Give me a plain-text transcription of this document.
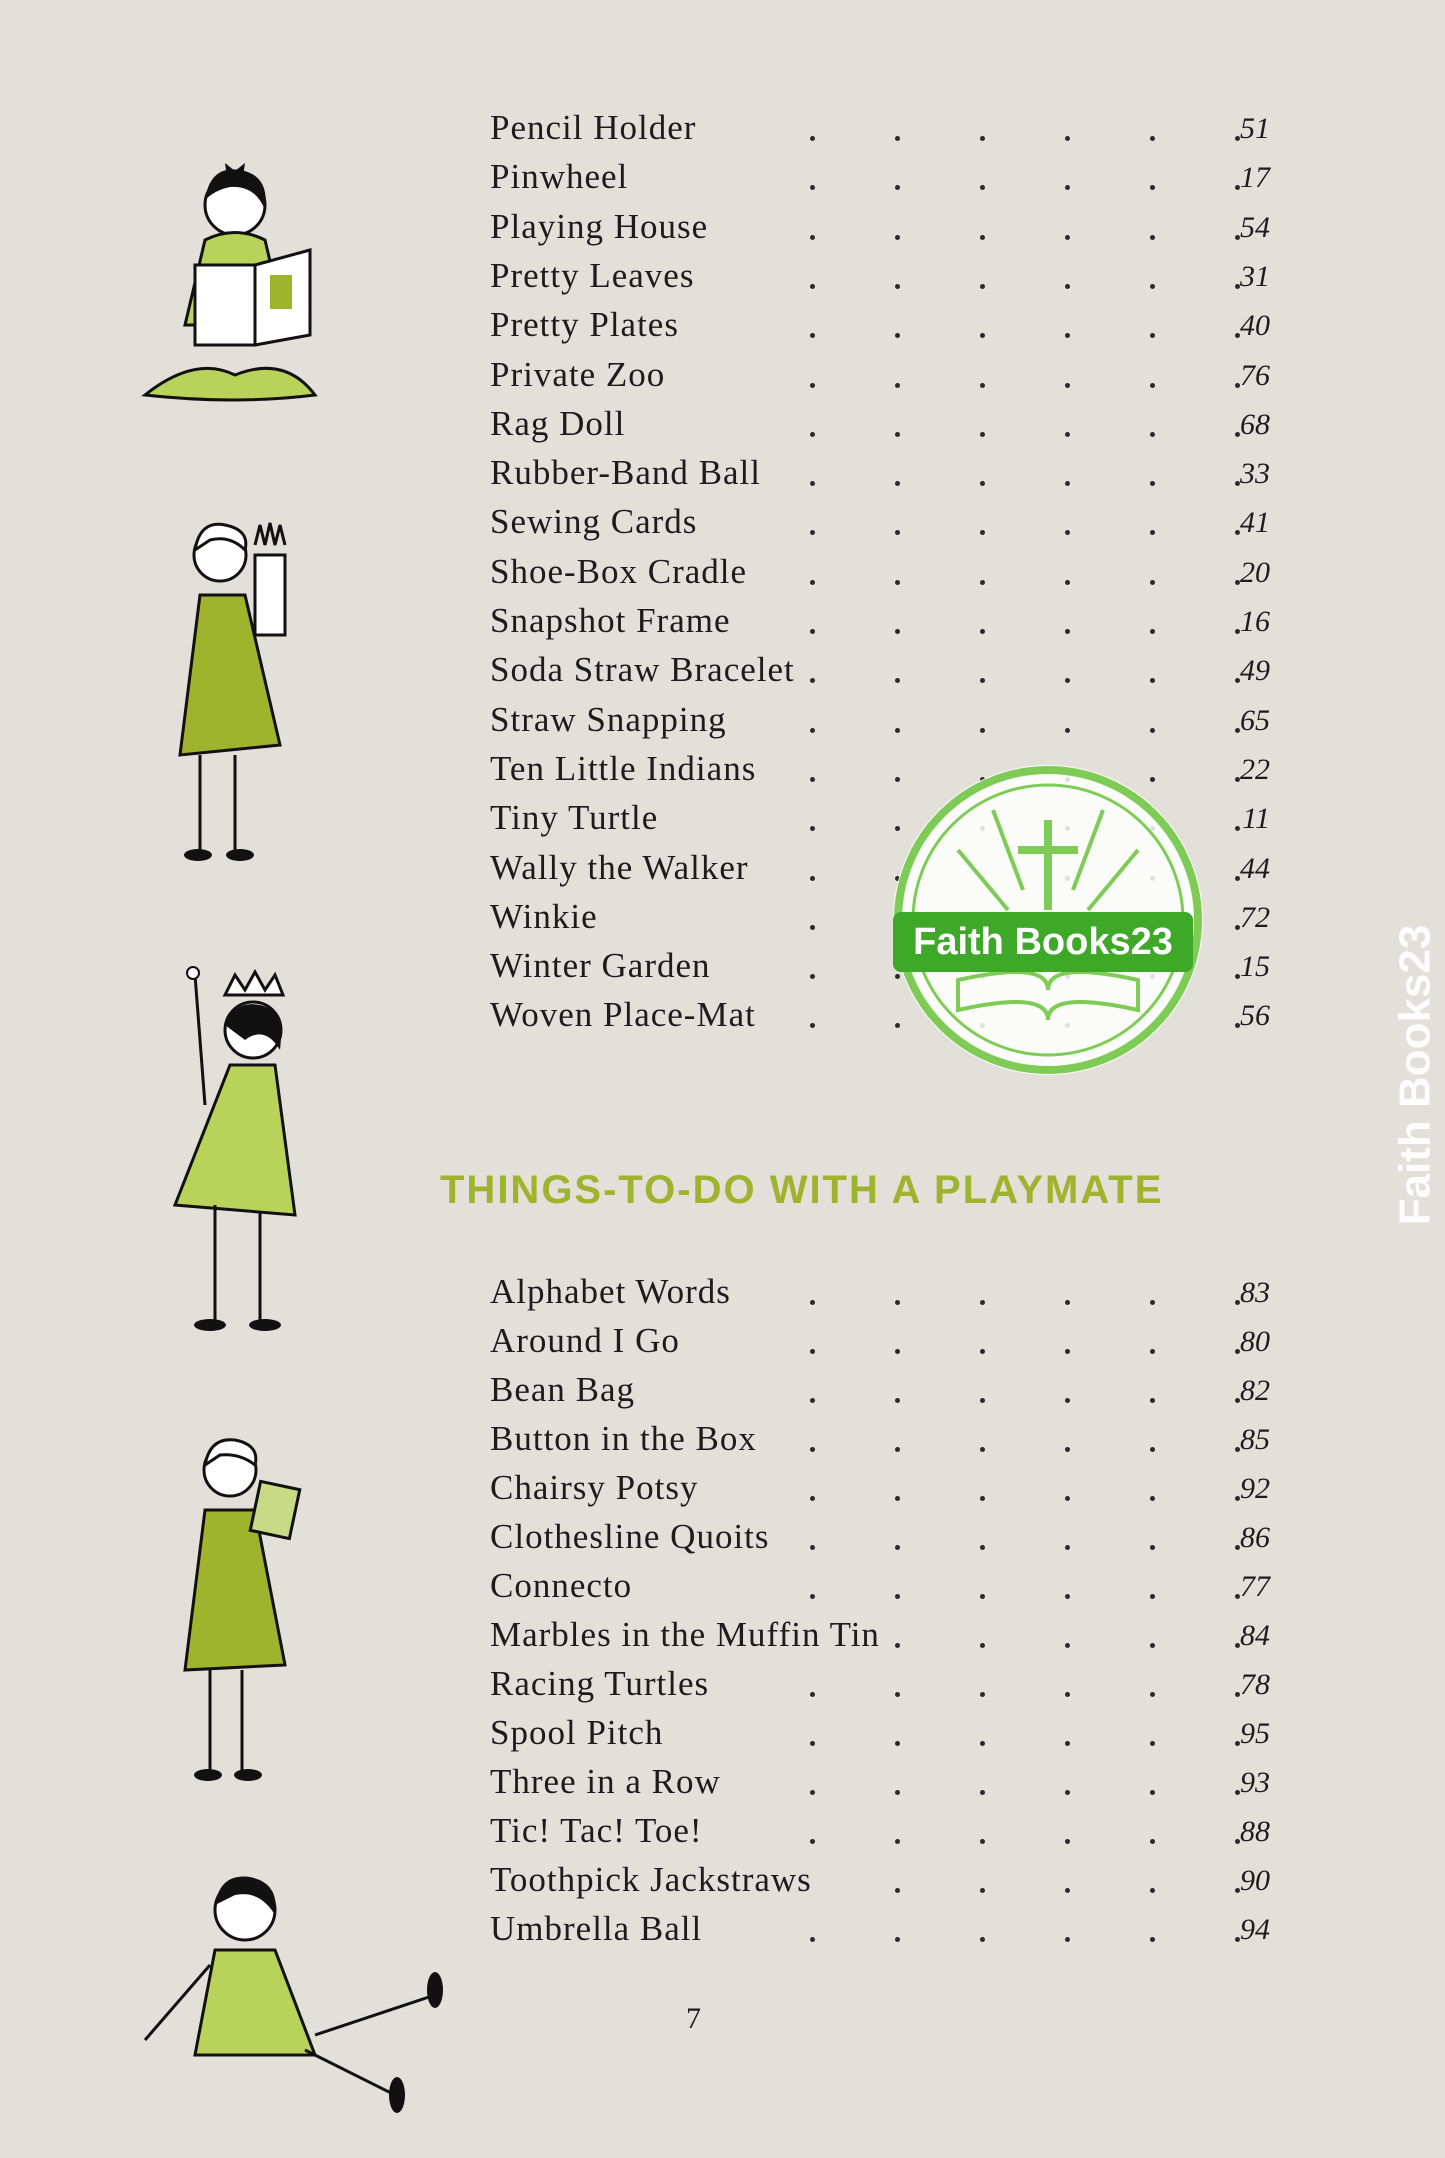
Pencil Holder	51
Pinwheel	17
Playing House	54
Pretty Leaves	31
Pretty Plates	40
Private Zoo	76
Rag Doll	68
Rubber-Band Ball	33
Sewing Cards	41
Shoe-Box Cradle	20
Snapshot Frame	16
Soda Straw Bracelet	49
Straw Snapping	65
Ten Little Indians	22
Tiny Turtle	11
Wally the Walker	44
Winkie	72
Winter Garden	15
Woven Place-Mat	56
THINGS-TO-DO WITH A PLAYMATE
Alphabet Words	83
Around I Go	80
Bean Bag	82
Button in the Box	85
Chairsy Potsy	92
Clothesline Quoits	86
Connecto	77
Marbles in the Muffin Tin	84
Racing Turtles	78
Spool Pitch	95
Three in a Row	93
Tic! Tac! Toe!	88
Toothpick Jackstraws	90
Umbrella Ball	94
7
Faith Books23	Faith Books23
